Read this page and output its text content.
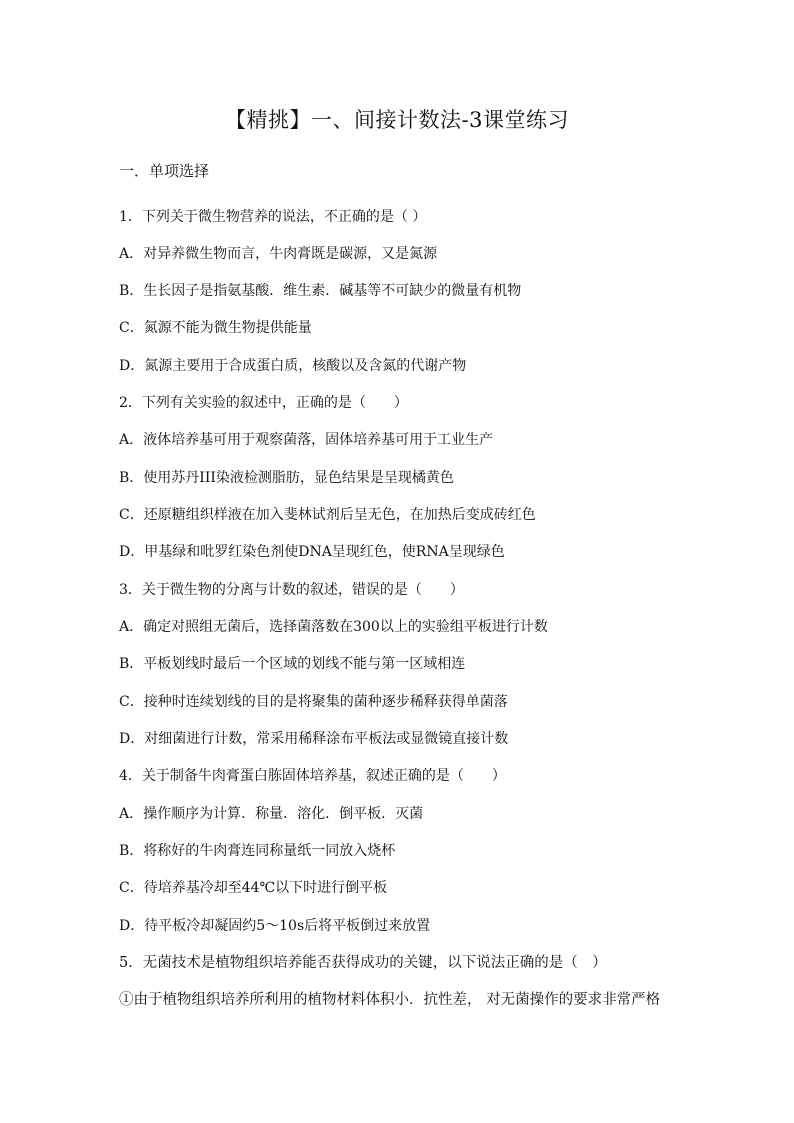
【精挑】一、间接计数法-3课堂练习
一．单项选择
1．下列关于微生物营养的说法，不正确的是（ ）
A．对异养微生物而言，牛肉膏既是碳源，又是氮源
B．生长因子是指氨基酸．维生素．碱基等不可缺少的微量有机物
C．氮源不能为微生物提供能量
D．氮源主要用于合成蛋白质，核酸以及含氮的代谢产物
2．下列有关实验的叙述中，正确的是（　　）
A．液体培养基可用于观察菌落，固体培养基可用于工业生产
B．使用苏丹III染液检测脂肪，显色结果是呈现橘黄色
C．还原糖组织样液在加入斐林试剂后呈无色，在加热后变成砖红色
D．甲基绿和吡罗红染色剂使DNA呈现红色，使RNA呈现绿色
3．关于微生物的分离与计数的叙述，错误的是（　　）
A．确定对照组无菌后，选择菌落数在300以上的实验组平板进行计数
B．平板划线时最后一个区域的划线不能与第一区域相连
C．接种时连续划线的目的是将聚集的菌种逐步稀释获得单菌落
D．对细菌进行计数，常采用稀释涂布平板法或显微镜直接计数
4．关于制备牛肉膏蛋白胨固体培养基，叙述正确的是（　　）
A．操作顺序为计算．称量．溶化．倒平板．灭菌
B．将称好的牛肉膏连同称量纸一同放入烧杯
C．待培养基冷却至44℃以下时进行倒平板
D．待平板冷却凝固约5～10s后将平板倒过来放置
5．无菌技术是植物组织培养能否获得成功的关键，以下说法正确的是（　）
①由于植物组织培养所利用的植物材料体积小．抗性差， 对无菌操作的要求非常严格
